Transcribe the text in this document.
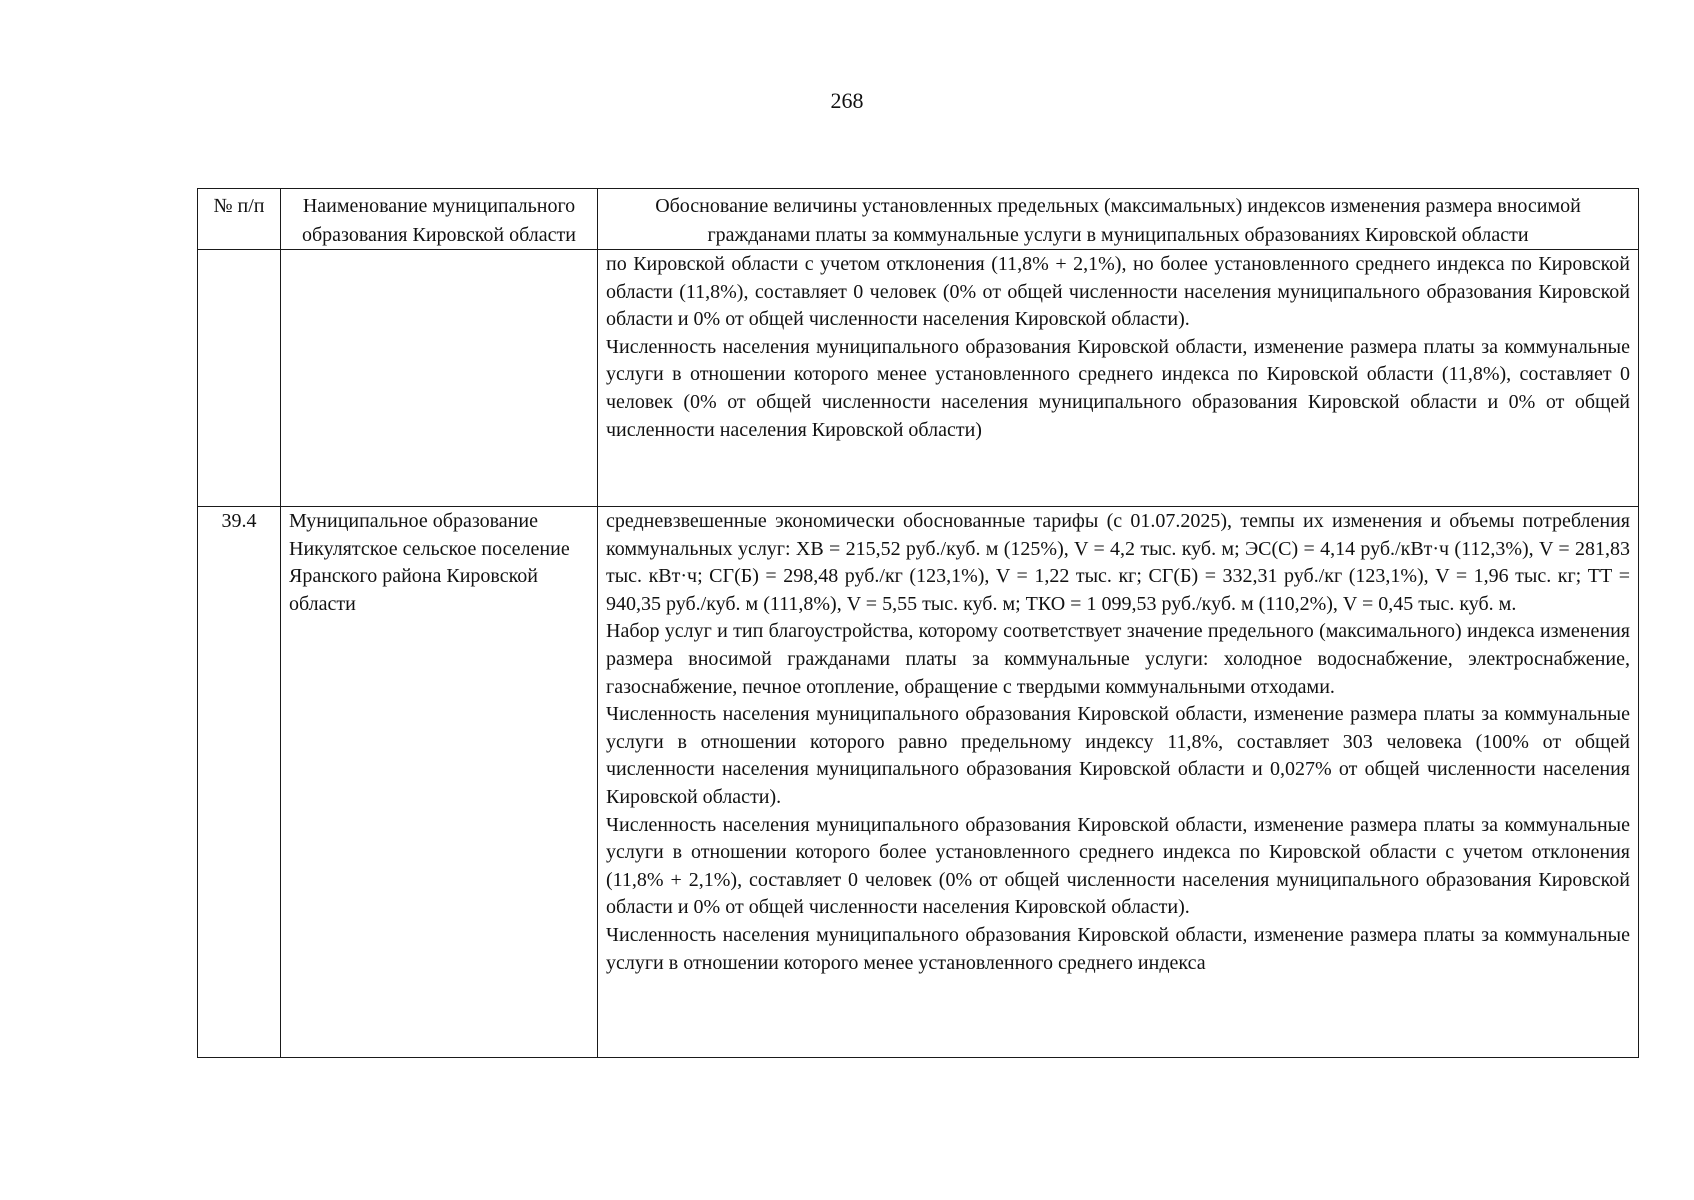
268
№ п/п	Наименование муниципального образования Кировской области	Обоснование величины установленных предельных (максимальных) индексов изменения размера вносимой гражданами платы за коммунальные услуги в муниципальных образованиях Кировской области

		по Кировской области с учетом отклонения (11,8% + 2,1%), но более установленного среднего индекса по Кировской области (11,8%), составляет 0 человек (0% от общей численности населения муниципального образования Кировской области и 0% от общей численности населения Кировской области).

Численность населения муниципального образования Кировской области, изменение размера платы за коммунальные услуги в отношении которого менее установленного среднего индекса по Кировской области (11,8%), составляет 0 человек (0% от общей численности населения муниципального образования Кировской области и 0% от общей численности населения Кировской области)

39.4	Муниципальное образование Никулятское сельское поселение Яранского района Кировской области	средневзвешенные экономически обоснованные тарифы (с 01.07.2025), темпы их изменения и объемы потребления коммунальных услуг: ХВ = 215,52 руб./куб. м (125%), V = 4,2 тыс. куб. м; ЭС(С) = 4,14 руб./кВт·ч (112,3%), V = 281,83 тыс. кВт·ч; СГ(Б) = 298,48 руб./кг (123,1%), V = 1,22 тыс. кг; СГ(Б) = 332,31 руб./кг (123,1%), V = 1,96 тыс. кг; ТТ = 940,35 руб./куб. м (111,8%), V = 5,55 тыс. куб. м; ТКО = 1 099,53 руб./куб. м (110,2%), V = 0,45 тыс. куб. м.

Набор услуг и тип благоустройства, которому соответствует значение предельного (максимального) индекса изменения размера вносимой гражданами платы за коммунальные услуги: холодное водоснабжение, электроснабжение, газоснабжение, печное отопление, обращение с твердыми коммунальными отходами.

Численность населения муниципального образования Кировской области, изменение размера платы за коммунальные услуги в отношении которого равно предельному индексу 11,8%, составляет 303 человека (100% от общей численности населения муниципального образования Кировской области и 0,027% от общей численности населения Кировской области).

Численность населения муниципального образования Кировской области, изменение размера платы за коммунальные услуги в отношении которого более установленного среднего индекса по Кировской области с учетом отклонения (11,8% + 2,1%), составляет 0 человек (0% от общей численности населения муниципального образования Кировской области и 0% от общей численности населения Кировской области).

Численность населения муниципального образования Кировской области, изменение размера платы за коммунальные услуги в отношении которого менее установленного среднего индекса
